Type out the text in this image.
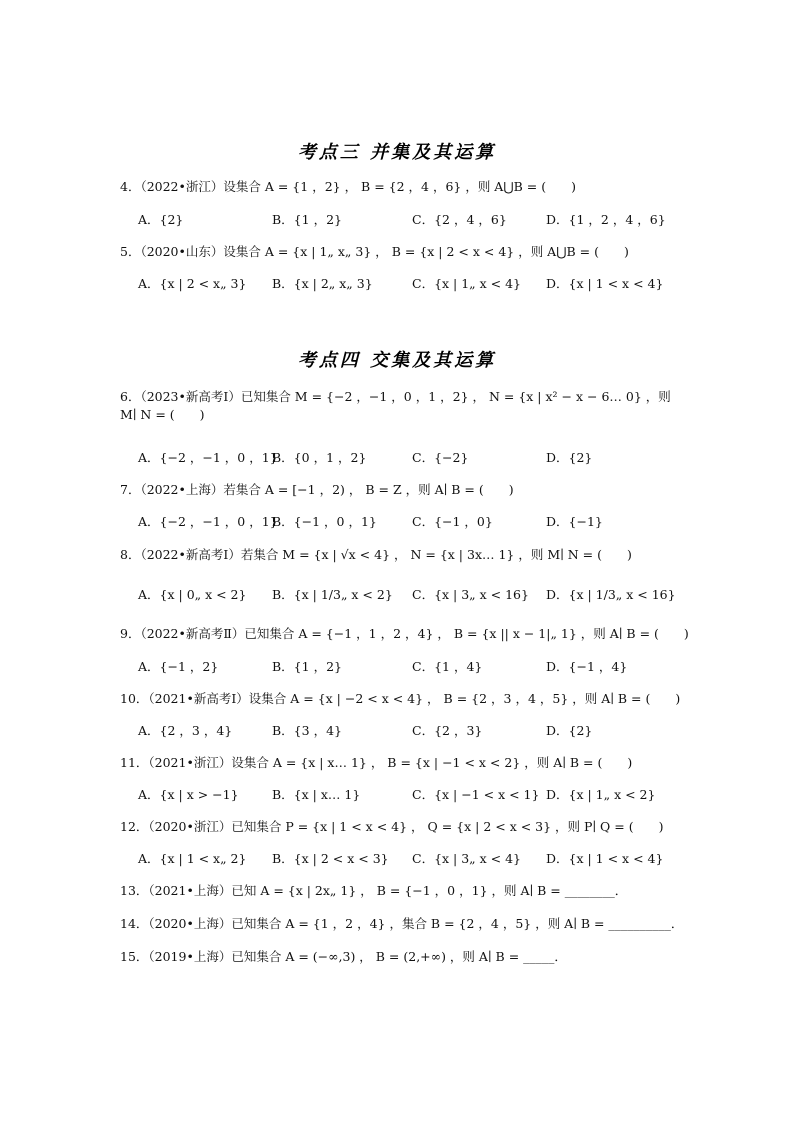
考点三 并集及其运算
4．（2022•浙江）设集合 A = {1 ，2} ， B = {2 ，4 ，6} ，则 A⋃B = (　　)
A．{2}	B．{1 ，2}	C．{2 ，4 ，6}	D．{1 ，2 ，4 ，6}
5．（2020•山东）设集合 A = {x | 1„ x„ 3} ， B = {x | 2 < x < 4} ，则 A⋃B = (　　)
A．{x | 2 < x„ 3} B．{x | 2„ x„ 3}	C．{x | 1„ x < 4} D．{x | 1 < x < 4}
考点四 交集及其运算
6．（2023•新高考Ⅰ）已知集合 M = {−2 ，−1 ，0 ，1 ，2} ， N = {x | x² − x − 6… 0} ，则 M∣ N = (　　)
A．{−2 ，−1 ，0 ，1}
B．{0 ，1 ，2}	C．{−2}	D．{2}
7．（2022•上海）若集合 A = [−1 ，2) ， B = Z ，则 A∣ B = (　　)
A．{−2 ，−1 ，0 ，1}
B．{−1 ，0 ，1}	C．{−1 ，0}	D．{−1}
8．（2022•新高考Ⅰ）若集合 M = {x | √x < 4} ， N = {x | 3x… 1} ，则 M∣ N = (　　)
A．{x | 0„ x < 2} B．{x | 1/3„ x < 2} C．{x | 3„ x < 16} D．{x | 1/3„ x < 16}
9．（2022•新高考Ⅱ）已知集合 A = {−1 ，1 ，2 ，4} ， B = {x || x − 1|„ 1} ，则 A∣ B = (　　)
A．{−1 ，2}	B．{1 ，2}	C．{1 ，4}	D．{−1 ，4}
10．（2021•新高考Ⅰ）设集合 A = {x | −2 < x < 4} ， B = {2 ，3 ，4 ，5} ，则 A∣ B = (　　)
A．{2 ，3 ，4}	B．{3 ，4}	C．{2 ，3}	D．{2}
11．（2021•浙江）设集合 A = {x | x… 1} ， B = {x | −1 < x < 2} ，则 A∣ B = (　　)
A．{x | x > −1}	B．{x | x… 1}	C．{x | −1 < x < 1} D．{x | 1„ x < 2}
12．（2020•浙江）已知集合 P = {x | 1 < x < 4} ， Q = {x | 2 < x < 3} ，则 P∣ Q = (　　)
A．{x | 1 < x„ 2} B．{x | 2 < x < 3} C．{x | 3„ x < 4} D．{x | 1 < x < 4}
13．（2021•上海）已知 A = {x | 2x„ 1} ， B = {−1 ，0 ，1} ，则 A∣ B = ________．
14．（2020•上海）已知集合 A = {1 ，2 ，4} ，集合 B = {2 ，4 ，5} ，则 A∣ B = __________．
15．（2019•上海）已知集合 A = (−∞,3) ， B = (2,+∞) ，则 A∣ B = _____．
